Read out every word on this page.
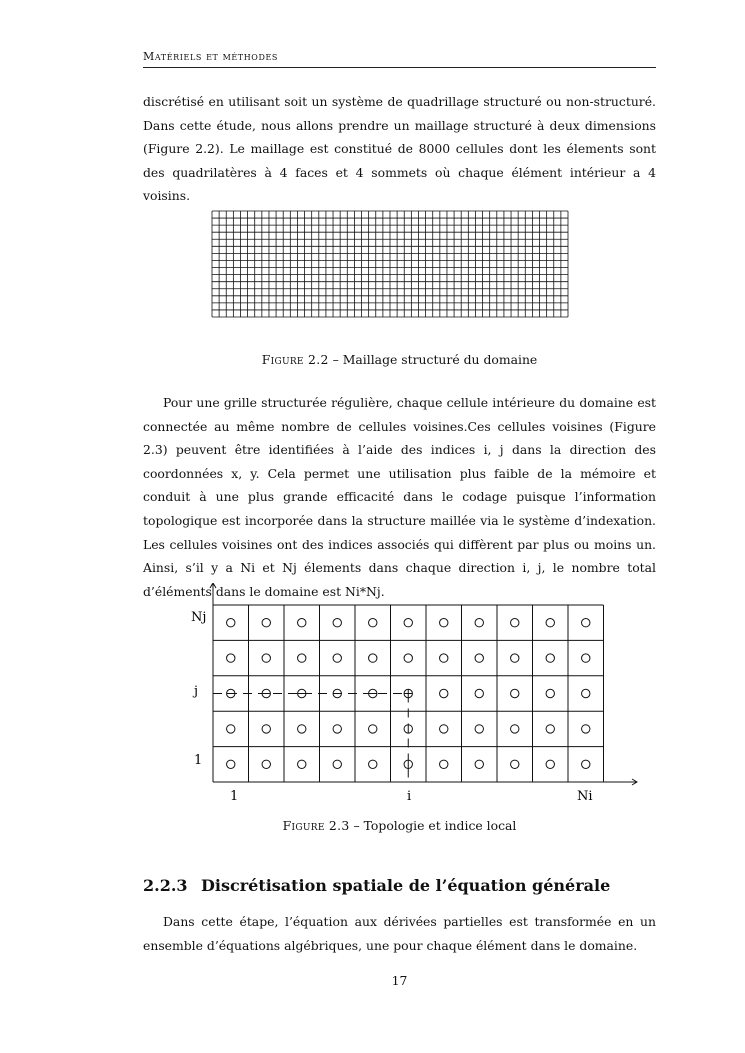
Matériels et méthodes

discrétisé en utilisant soit un système de quadrillage structuré ou non-structuré. Dans cette étude, nous allons prendre un maillage structuré à deux dimensions (Figure 2.2). Le maillage est constitué de 8000 cellules dont les élements sont des quadrilatères à 4 faces et 4 sommets où chaque élément intérieur a 4 voisins.

Figure 2.2 – Maillage structuré du domaine

Pour une grille structurée régulière, chaque cellule intérieure du domaine est connectée au même nombre de cellules voisines.Ces cellules voisines (Figure 2.3) peuvent être identifiées à l’aide des indices i, j dans la direction des coordonnées x, y. Cela permet une utilisation plus faible de la mémoire et conduit à une plus grande efficacité dans le codage puisque l’information topologique est incorporée dans la structure maillée via le système d’indexation. Les cellules voisines ont des indices associés qui diffèrent par plus ou moins un. Ainsi, s’il y a Ni et Nj élements dans chaque direction i, j, le nombre total d’éléments dans le domaine est Ni*Nj.

Nj
j
1
1	i	Ni
Figure 2.3 – Topologie et indice local
2.2.3 Discrétisation spatiale de l’équation générale

Dans cette étape, l’équation aux dérivées partielles est transformée en un ensemble d’équations algébriques, une pour chaque élément dans le domaine.

17
